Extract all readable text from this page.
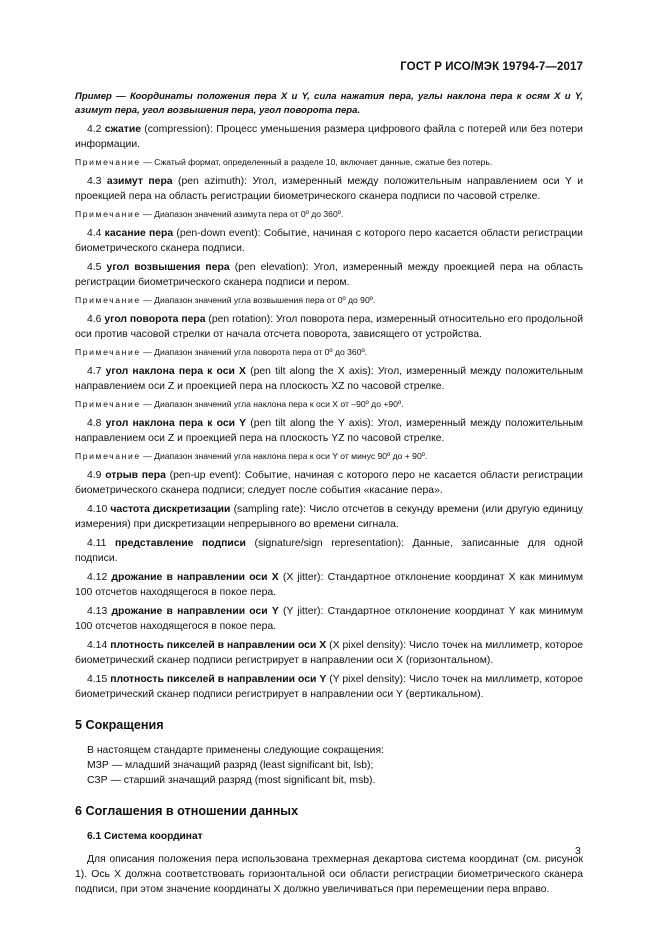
ГОСТ Р ИСО/МЭК 19794-7—2017

Пример — Координаты положения пера X и Y, сила нажатия пера, углы наклона пера к осям X и Y, азимут пера, угол возвышения пера, угол поворота пера.

4.2 сжатие (compression): Процесс уменьшения размера цифрового файла с потерей или без потери информации.

Примечание — Сжатый формат, определенный в разделе 10, включает данные, сжатые без потерь.

4.3 азимут пера (pen azimuth): Угол, измеренный между положительным направлением оси Y и проекцией пера на область регистрации биометрического сканера подписи по часовой стрелке.

Примечание — Диапазон значений азимута пера от 0º до 360º.

4.4 касание пера (pen-down event): Событие, начиная с которого перо касается области регистрации биометрического сканера подписи.

4.5 угол возвышения пера (pen elevation): Угол, измеренный между проекцией пера на область регистрации биометрического сканера подписи и пером.

Примечание — Диапазон значений угла возвышения пера от 0º до 90º.

4.6 угол поворота пера (pen rotation): Угол поворота пера, измеренный относительно его продольной оси против часовой стрелки от начала отсчета поворота, зависящего от устройства.

Примечание — Диапазон значений угла поворота пера от 0º до 360º.

4.7 угол наклона пера к оси X (pen tilt along the X axis): Угол, измеренный между положительным направлением оси Z и проекцией пера на плоскость XZ по часовой стрелке.

Примечание — Диапазон значений угла наклона пера к оси X от –90º до +90º.

4.8 угол наклона пера к оси Y (pen tilt along the Y axis): Угол, измеренный между положительным направлением оси Z и проекцией пера на плоскость YZ по часовой стрелке.

Примечание — Диапазон значений угла наклона пера к оси Y от минус 90º до + 90º.

4.9 отрыв пера (pen-up event): Событие, начиная с которого перо не касается области регистрации биометрического сканера подписи; следует после события «касание пера».

4.10 частота дискретизации (sampling rate): Число отсчетов в секунду времени (или другую единицу измерения) при дискретизации непрерывного во времени сигнала.

4.11 представление подписи (signature/sign representation): Данные, записанные для одной подписи.

4.12 дрожание в направлении оси X (X jitter): Стандартное отклонение координат X как минимум 100 отсчетов находящегося в покое пера.

4.13 дрожание в направлении оси Y (Y jitter): Стандартное отклонение координат Y как минимум 100 отсчетов находящегося в покое пера.

4.14 плотность пикселей в направлении оси X (X pixel density): Число точек на миллиметр, которое биометрический сканер подписи регистрирует в направлении оси X (горизонтальном).

4.15 плотность пикселей в направлении оси Y (Y pixel density): Число точек на миллиметр, которое биометрический сканер подписи регистрирует в направлении оси Y (вертикальном).

5 Сокращения

В настоящем стандарте применены следующие сокращения:

МЗР — младший значащий разряд (least significant bit, lsb);

СЗР — старший значащий разряд (most significant bit, msb).

6 Соглашения в отношении данных

6.1 Система координат

Для описания положения пера использована трехмерная декартова система координат (см. рисунок 1). Ось X должна соответствовать горизонтальной оси области регистрации биометрического сканера подписи, при этом значение координаты X должно увеличиваться при перемещении пера вправо.

3
